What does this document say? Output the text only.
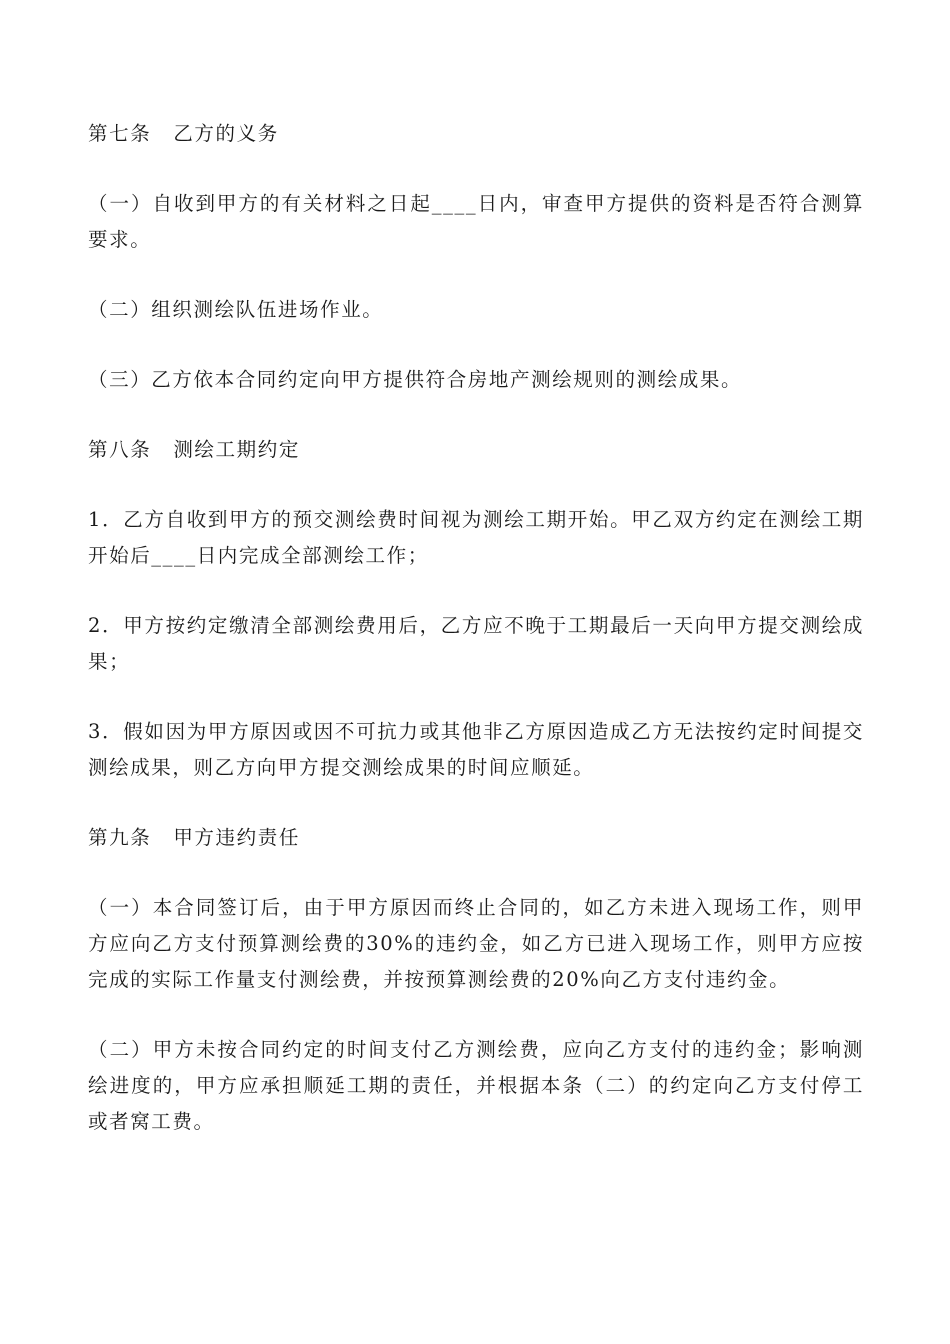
第七条 乙方的义务

（一）自收到甲方的有关材料之日起____日内，审查甲方提供的资料是否符合测算要求。

（二）组织测绘队伍进场作业。

（三）乙方依本合同约定向甲方提供符合房地产测绘规则的测绘成果。

第八条 测绘工期约定

1．乙方自收到甲方的预交测绘费时间视为测绘工期开始。甲乙双方约定在测绘工期开始后____日内完成全部测绘工作；

2．甲方按约定缴清全部测绘费用后，乙方应不晚于工期最后一天向甲方提交测绘成果；

3．假如因为甲方原因或因不可抗力或其他非乙方原因造成乙方无法按约定时间提交测绘成果，则乙方向甲方提交测绘成果的时间应顺延。

第九条 甲方违约责任

（一）本合同签订后，由于甲方原因而终止合同的，如乙方未进入现场工作，则甲方应向乙方支付预算测绘费的30%的违约金，如乙方已进入现场工作，则甲方应按完成的实际工作量支付测绘费，并按预算测绘费的20%向乙方支付违约金。

（二）甲方未按合同约定的时间支付乙方测绘费，应向乙方支付的违约金；影响测绘进度的，甲方应承担顺延工期的责任，并根据本条（二）的约定向乙方支付停工或者窝工费。
